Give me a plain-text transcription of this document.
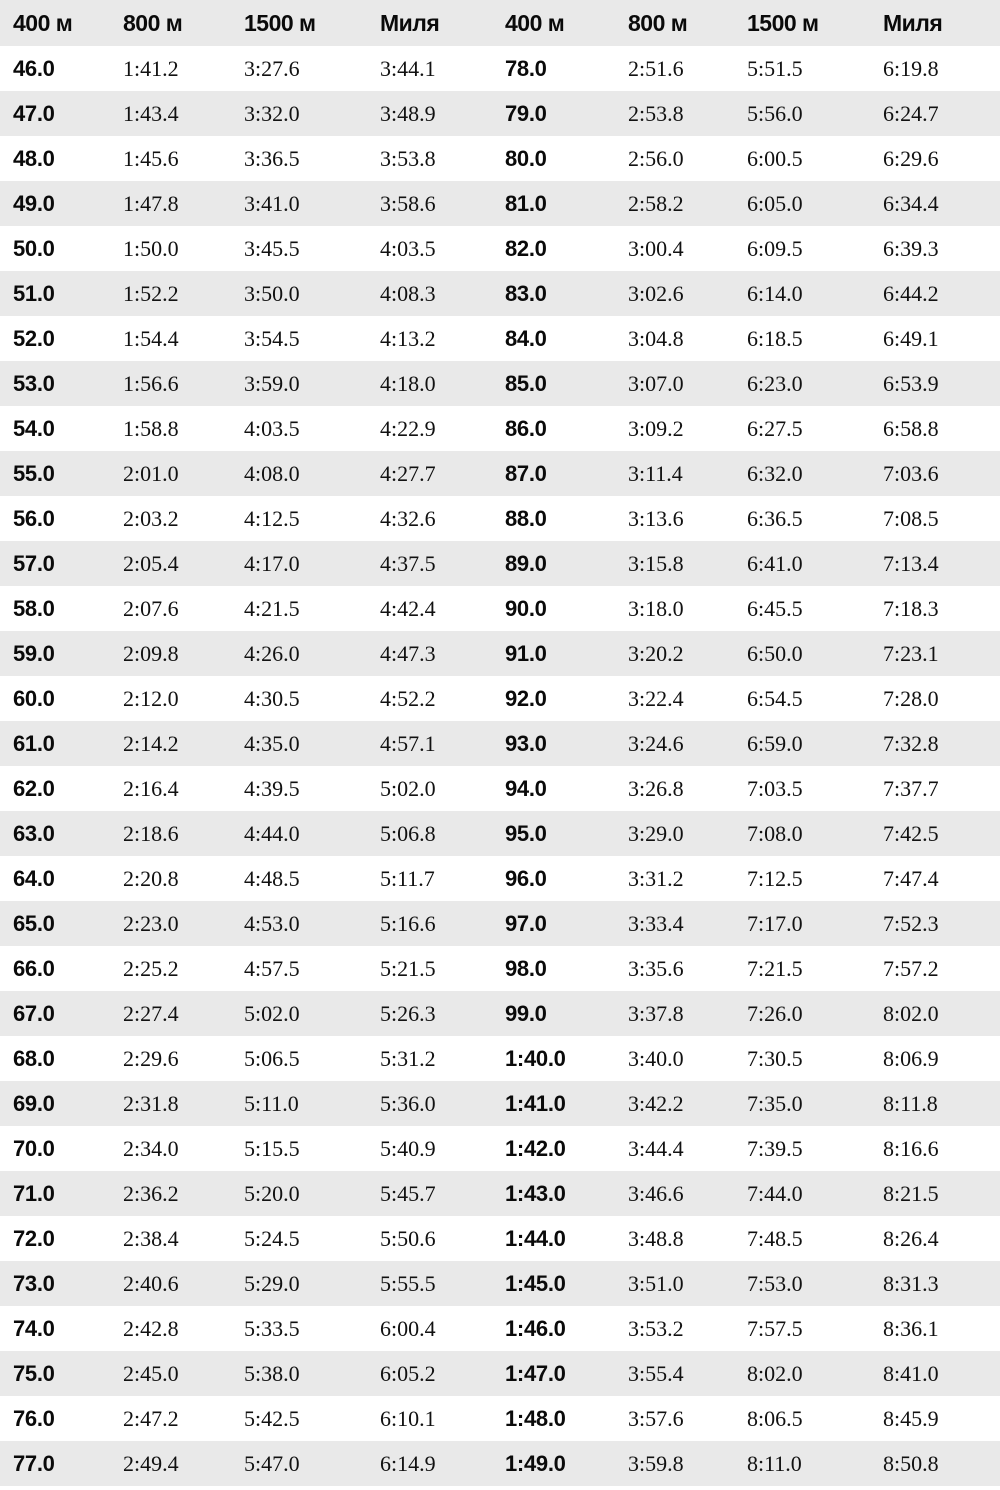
400 м	800 м	1500 м	Миля	400 м	800 м	1500 м	Миля
46.0	1:41.2	3:27.6	3:44.1	78.0	2:51.6	5:51.5	6:19.8
47.0	1:43.4	3:32.0	3:48.9	79.0	2:53.8	5:56.0	6:24.7
48.0	1:45.6	3:36.5	3:53.8	80.0	2:56.0	6:00.5	6:29.6
49.0	1:47.8	3:41.0	3:58.6	81.0	2:58.2	6:05.0	6:34.4
50.0	1:50.0	3:45.5	4:03.5	82.0	3:00.4	6:09.5	6:39.3
51.0	1:52.2	3:50.0	4:08.3	83.0	3:02.6	6:14.0	6:44.2
52.0	1:54.4	3:54.5	4:13.2	84.0	3:04.8	6:18.5	6:49.1
53.0	1:56.6	3:59.0	4:18.0	85.0	3:07.0	6:23.0	6:53.9
54.0	1:58.8	4:03.5	4:22.9	86.0	3:09.2	6:27.5	6:58.8
55.0	2:01.0	4:08.0	4:27.7	87.0	3:11.4	6:32.0	7:03.6
56.0	2:03.2	4:12.5	4:32.6	88.0	3:13.6	6:36.5	7:08.5
57.0	2:05.4	4:17.0	4:37.5	89.0	3:15.8	6:41.0	7:13.4
58.0	2:07.6	4:21.5	4:42.4	90.0	3:18.0	6:45.5	7:18.3
59.0	2:09.8	4:26.0	4:47.3	91.0	3:20.2	6:50.0	7:23.1
60.0	2:12.0	4:30.5	4:52.2	92.0	3:22.4	6:54.5	7:28.0
61.0	2:14.2	4:35.0	4:57.1	93.0	3:24.6	6:59.0	7:32.8
62.0	2:16.4	4:39.5	5:02.0	94.0	3:26.8	7:03.5	7:37.7
63.0	2:18.6	4:44.0	5:06.8	95.0	3:29.0	7:08.0	7:42.5
64.0	2:20.8	4:48.5	5:11.7	96.0	3:31.2	7:12.5	7:47.4
65.0	2:23.0	4:53.0	5:16.6	97.0	3:33.4	7:17.0	7:52.3
66.0	2:25.2	4:57.5	5:21.5	98.0	3:35.6	7:21.5	7:57.2
67.0	2:27.4	5:02.0	5:26.3	99.0	3:37.8	7:26.0	8:02.0
68.0	2:29.6	5:06.5	5:31.2	1:40.0	3:40.0	7:30.5	8:06.9
69.0	2:31.8	5:11.0	5:36.0	1:41.0	3:42.2	7:35.0	8:11.8
70.0	2:34.0	5:15.5	5:40.9	1:42.0	3:44.4	7:39.5	8:16.6
71.0	2:36.2	5:20.0	5:45.7	1:43.0	3:46.6	7:44.0	8:21.5
72.0	2:38.4	5:24.5	5:50.6	1:44.0	3:48.8	7:48.5	8:26.4
73.0	2:40.6	5:29.0	5:55.5	1:45.0	3:51.0	7:53.0	8:31.3
74.0	2:42.8	5:33.5	6:00.4	1:46.0	3:53.2	7:57.5	8:36.1
75.0	2:45.0	5:38.0	6:05.2	1:47.0	3:55.4	8:02.0	8:41.0
76.0	2:47.2	5:42.5	6:10.1	1:48.0	3:57.6	8:06.5	8:45.9
77.0	2:49.4	5:47.0	6:14.9	1:49.0	3:59.8	8:11.0	8:50.8
